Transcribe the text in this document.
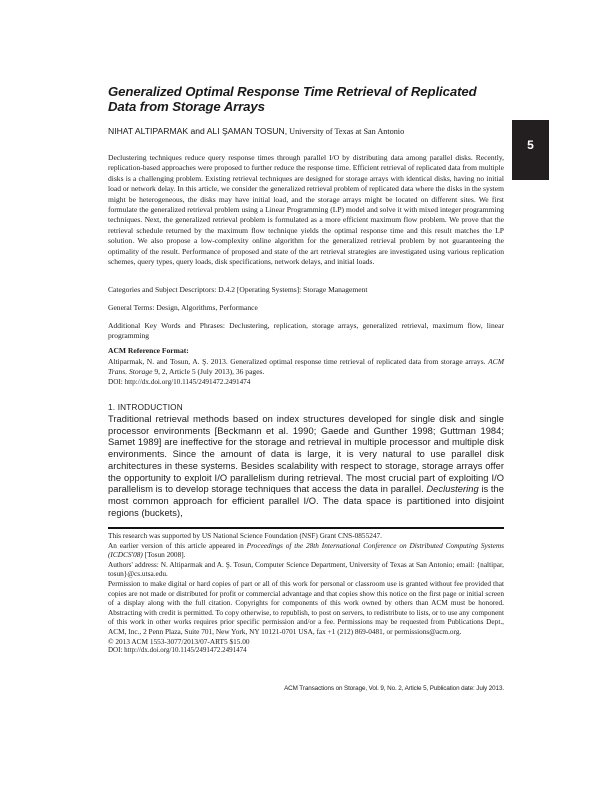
Generalized Optimal Response Time Retrieval of Replicated Data from Storage Arrays
NIHAT ALTIPARMAK and ALI ŞAMAN TOSUN, University of Texas at San Antonio
5

Declustering techniques reduce query response times through parallel I/O by distributing data among parallel disks. Recently, replication-based approaches were proposed to further reduce the response time. Efficient retrieval of replicated data from multiple disks is a challenging problem. Existing retrieval techniques are designed for storage arrays with identical disks, having no initial load or network delay. In this article, we consider the generalized retrieval problem of replicated data where the disks in the system might be heterogeneous, the disks may have initial load, and the storage arrays might be located on different sites. We first formulate the generalized retrieval problem using a Linear Programming (LP) model and solve it with mixed integer programming techniques. Next, the generalized retrieval problem is formulated as a more efficient maximum flow problem. We prove that the retrieval schedule returned by the maximum flow technique yields the optimal response time and this result matches the LP solution. We also propose a low-complexity online algorithm for the generalized retrieval problem by not guaranteeing the optimality of the result. Performance of proposed and state of the art retrieval strategies are investigated using various replication schemes, query types, query loads, disk specifications, network delays, and initial loads.

Categories and Subject Descriptors: D.4.2 [Operating Systems]: Storage Management

General Terms: Design, Algorithms, Performance

Additional Key Words and Phrases: Declustering, replication, storage arrays, generalized retrieval, maximum flow, linear programming

ACM Reference Format:
Altiparmak, N. and Tosun, A. Ş. 2013. Generalized optimal response time retrieval of replicated data from storage arrays. ACM Trans. Storage 9, 2, Article 5 (July 2013), 36 pages.
DOI: http://dx.doi.org/10.1145/2491472.2491474
1. INTRODUCTION
Traditional retrieval methods based on index structures developed for single disk and single processor environments [Beckmann et al. 1990; Gaede and Gunther 1998; Guttman 1984; Samet 1989] are ineffective for the storage and retrieval in multiple processor and multiple disk environments. Since the amount of data is large, it is very natural to use parallel disk architectures in these systems. Besides scalability with respect to storage, storage arrays offer the opportunity to exploit I/O parallelism during retrieval. The most crucial part of exploiting I/O parallelism is to develop storage techniques that access the data in parallel. Declustering is the most common approach for efficient parallel I/O. The data space is partitioned into disjoint regions (buckets),

This research was supported by US National Science Foundation (NSF) Grant CNS-0855247.

An earlier version of this article appeared in Proceedings of the 28th International Conference on Distributed Computing Systems (ICDCS'08) [Tosun 2008].

Authors' address: N. Altiparmak and A. Ş. Tosun, Computer Science Department, University of Texas at San Antonio; email: {naltipar, tosun}@cs.utsa.edu.

Permission to make digital or hard copies of part or all of this work for personal or classroom use is granted without fee provided that copies are not made or distributed for profit or commercial advantage and that copies show this notice on the first page or initial screen of a display along with the full citation. Copyrights for components of this work owned by others than ACM must be honored. Abstracting with credit is permitted. To copy otherwise, to republish, to post on servers, to redistribute to lists, or to use any component of this work in other works requires prior specific permission and/or a fee. Permissions may be requested from Publications Dept., ACM, Inc., 2 Penn Plaza, Suite 701, New York, NY 10121-0701 USA, fax +1 (212) 869-0481, or permissions@acm.org.

© 2013 ACM 1553-3077/2013/07-ART5 $15.00

DOI: http://dx.doi.org/10.1145/2491472.2491474

ACM Transactions on Storage, Vol. 9, No. 2, Article 5, Publication date: July 2013.
